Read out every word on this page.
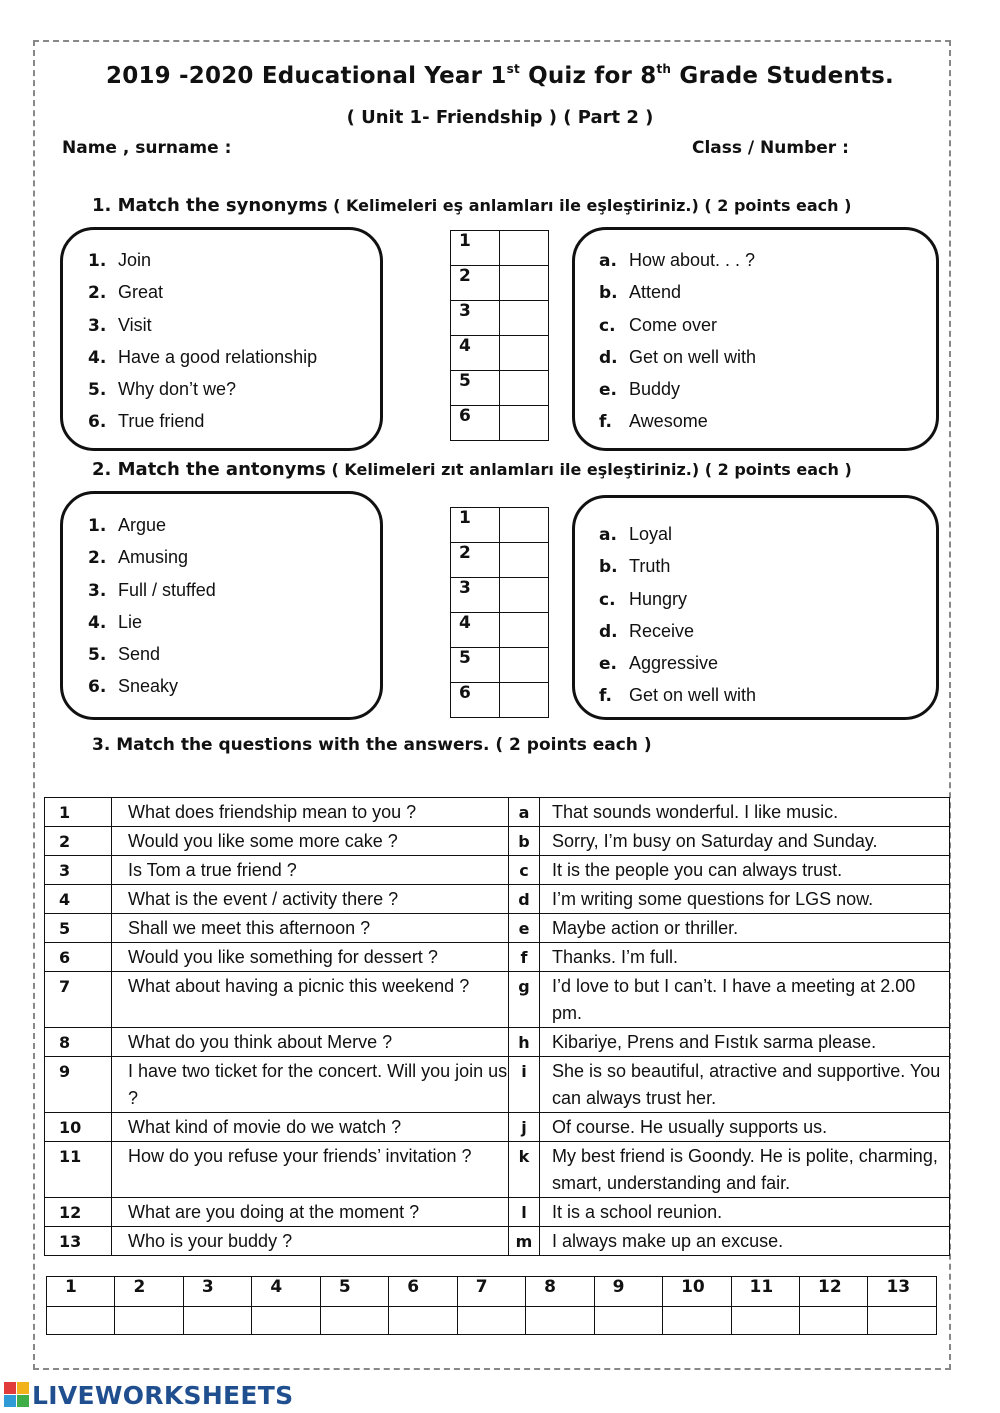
2019 -2020 Educational Year 1st Quiz for 8th Grade Students.
( Unit 1- Friendship ) ( Part 2 )
Name , surname :	Class / Number :
1. Match the synonyms ( Kelimeleri eş anlamları ile eşleştiriniz.) ( 2 points each )
1. Join
2. Great
3. Visit
4. Have a good relationship
5. Why don’t we?
6. True friend
1	
2	
3	
4	
5	
6	
a. How about. . . ?
b. Attend
c. Come over
d. Get on well with
e. Buddy
f. Awesome
2. Match the antonyms ( Kelimeleri zıt anlamları ile eşleştiriniz.) ( 2 points each )
1. Argue
2. Amusing
3. Full / stuffed
4. Lie
5. Send
6. Sneaky
1	
2	
3	
4	
5	
6	
a. Loyal
b. Truth
c. Hungry
d. Receive
e. Aggressive
f. Get on well with
3. Match the questions with the answers. ( 2 points each )
1	What does friendship mean to you ?	a	That sounds wonderful. I like music.
2	Would you like some more cake ?	b	Sorry, I’m busy on Saturday and Sunday.
3	Is Tom a true friend ?	c	It is the people you can always trust.
4	What is the event / activity there ?	d	I’m writing some questions for LGS now.
5	Shall we meet this afternoon ?	e	Maybe action or thriller.
6	Would you like something for dessert ?	f	Thanks. I’m full.
7	What about having a picnic this weekend ?	g	I’d love to but I can’t. I have a meeting at 2.00 pm.
8	What do you think about Merve ?	h	Kibariye, Prens and Fıstık sarma please.
9	I have two ticket for the concert. Will you join us ?	i	She is so beautiful, atractive and supportive. You can always trust her.
10	What kind of movie do we watch ?	j	Of course. He usually supports us.
11	How do you refuse your friends’ invitation ?	k	My best friend is Goondy. He is polite, charming, smart, understanding and fair.
12	What are you doing at the moment ?	l	It is a school reunion.
13	Who is your buddy ?	m	I always make up an excuse.
1	2	3	4	5	6	7	8	9	10	11	12	13

LIVEWORKSHEETS
